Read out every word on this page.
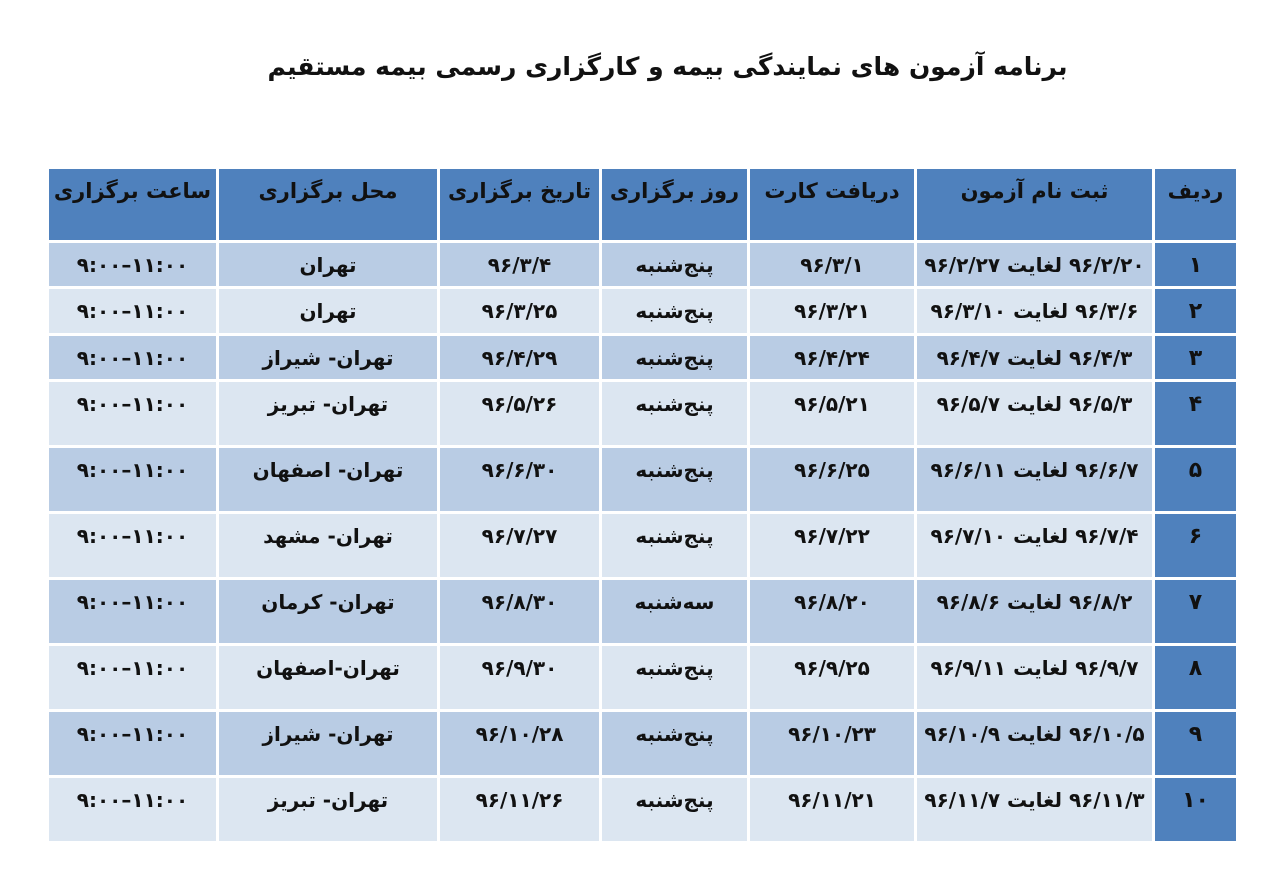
برنامه آزمون های نمایندگی بیمه و کارگزاری رسمی بیمه مستقیم
ردیف	ثبت نام آزمون	دریافت کارت	روز برگزاری	تاریخ برگزاری	محل برگزاری	ساعت برگزاری
۱	۹۶/۲/۲۰ لغایت ۹۶/۲/۲۷	۹۶/۳/۱	پنج‌شنبه	۹۶/۳/۴	تهران	۹:۰۰–۱۱:۰۰
۲	۹۶/۳/۶ لغایت ۹۶/۳/۱۰	۹۶/۳/۲۱	پنج‌شنبه	۹۶/۳/۲۵	تهران	۹:۰۰–۱۱:۰۰
۳	۹۶/۴/۳ لغایت ۹۶/۴/۷	۹۶/۴/۲۴	پنج‌شنبه	۹۶/۴/۲۹	تهران- شیراز	۹:۰۰–۱۱:۰۰
۴	۹۶/۵/۳ لغایت ۹۶/۵/۷	۹۶/۵/۲۱	پنج‌شنبه	۹۶/۵/۲۶	تهران- تبریز	۹:۰۰–۱۱:۰۰
۵	۹۶/۶/۷ لغایت ۹۶/۶/۱۱	۹۶/۶/۲۵	پنج‌شنبه	۹۶/۶/۳۰	تهران- اصفهان	۹:۰۰–۱۱:۰۰
۶	۹۶/۷/۴ لغایت ۹۶/۷/۱۰	۹۶/۷/۲۲	پنج‌شنبه	۹۶/۷/۲۷	تهران- مشهد	۹:۰۰–۱۱:۰۰
۷	۹۶/۸/۲ لغایت ۹۶/۸/۶	۹۶/۸/۲۰	سه‌شنبه	۹۶/۸/۳۰	تهران- کرمان	۹:۰۰–۱۱:۰۰
۸	۹۶/۹/۷ لغایت ۹۶/۹/۱۱	۹۶/۹/۲۵	پنج‌شنبه	۹۶/۹/۳۰	تهران-اصفهان	۹:۰۰–۱۱:۰۰
۹	۹۶/۱۰/۵ لغایت ۹۶/۱۰/۹	۹۶/۱۰/۲۳	پنج‌شنبه	۹۶/۱۰/۲۸	تهران- شیراز	۹:۰۰–۱۱:۰۰
۱۰	۹۶/۱۱/۳ لغایت ۹۶/۱۱/۷	۹۶/۱۱/۲۱	پنج‌شنبه	۹۶/۱۱/۲۶	تهران- تبریز	۹:۰۰–۱۱:۰۰
